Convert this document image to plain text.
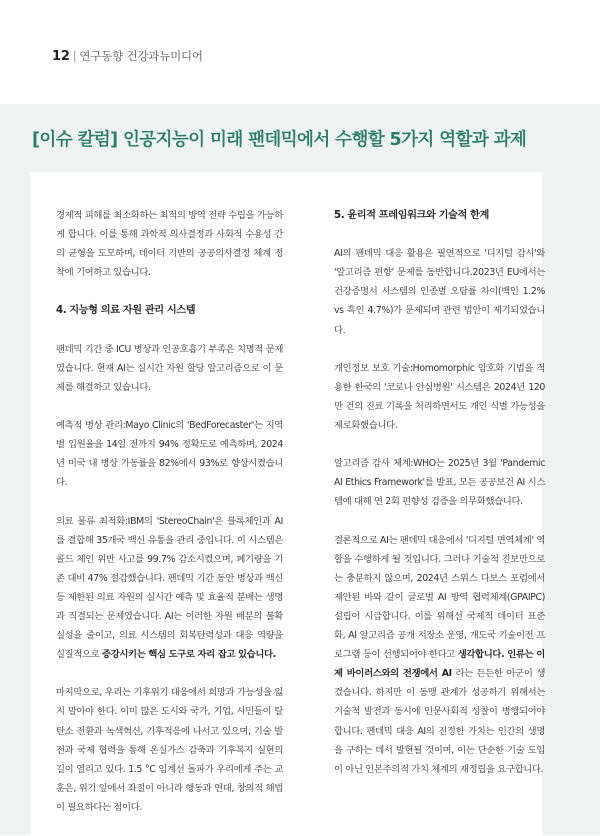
12 | 연구동향 건강과뉴미디어
[이슈 칼럼] 인공지능이 미래 팬데믹에서 수행할 5가지 역할과 과제

경제적 피해를 최소화하는 최적의 방역 전략 수립을 가능하게 합니다. 이를 통해 과학적 의사결정과 사회적 수용성 간의 균형을 도모하며, 데이터 기반의 공공의사결정 체계 정착에 기여하고 있습니다.

4. 지능형 의료 자원 관리 시스템

팬데믹 기간 중 ICU 병상과 인공호흡기 부족은 치명적 문제였습니다. 현재 AI는 실시간 자원 할당 알고리즘으로 이 문제를 해결하고 있습니다.

예측적 병상 관리:Mayo Clinic의 'BedForecaster'는 지역별 입원율을 14일 전까지 94% 정확도로 예측하며, 2024년 미국 내 병상 가동률을 82%에서 93%로 향상시켰습니다.

의료 물류 최적화:IBM의 'StereoChain'은 블록체인과 AI를 결합해 35개국 백신 유통을 관리 중입니다. 이 시스템은 콜드 체인 위반 사고를 99.7% 감소시켰으며, 폐기량을 기존 대비 47% 절감했습니다. 팬데믹 기간 동안 병상과 백신 등 제한된 의료 자원의 실시간 예측 및 효율적 분배는 생명과 직결되는 문제였습니다. AI는 이러한 자원 배분의 불확실성을 줄이고, 의료 시스템의 회복탄력성과 대응 역량을 실질적으로 증강시키는 핵심 도구로 자리 잡고 있습니다.

마지막으로, 우리는 기후위기 대응에서 희망과 가능성을 잃지 말아야 한다. 이미 많은 도시와 국가, 기업, 시민들이 탈탄소 전환과 녹색혁신, 기후적응에 나서고 있으며, 기술 발전과 국제 협력을 통해 온실가스 감축과 기후복지 실현의 길이 열리고 있다. 1.5 °C 임계선 돌파가 우리에게 주는 교훈은, 위기 앞에서 좌절이 아니라 행동과 연대, 창의적 해법이 필요하다는 점이다.

5. 윤리적 프레임워크와 기술적 한계

AI의 팬데믹 대응 활용은 필연적으로 '디지털 감시'와 '알고리즘 편향' 문제를 동반합니다.2023년 EU에서는 건강증명서 시스템의 인종별 오탐률 차이(백인 1.2% vs 흑인 4.7%)가 문제되며 관련 법안이 제기되었습니다.

개인정보 보호 기술:Homomorphic 암호화 기법을 적용한 한국의 '코로나 안심병원' 시스템은 2024년 120만 건의 진료 기록을 처리하면서도 개인 식별 가능성을 제로화했습니다.

알고리즘 감사 체계:WHO는 2025년 3월 'Pandemic AI Ethics Framework'를 발표, 모든 공공보건 AI 시스템에 대해 연 2회 편향성 검증을 의무화했습니다.

결론적으로 AI는 팬데믹 대응에서 '디지털 면역체계' 역할을 수행하게 될 것입니다. 그러나 기술적 진보만으로는 충분하지 않으며, 2024년 스위스 다보스 포럼에서 제안된 바와 같이 글로벌 AI 방역 협력체계(GPAIPC) 설립이 시급합니다. 이를 위해선 국제적 데이터 표준화, AI 알고리즘 공개 저장소 운영, 개도국 기술이전 프로그램 등이 선행되어야 한다고 생각합니다. 인류는 이제 바이러스와의 전쟁에서 AI 라는 든든한 아군이 생겼습니다. 하지만 이 동맹 관계가 성공하기 위해서는 기술적 발전과 동시에 인문사회적 성찰이 병행되어야 합니다. 팬데믹 대응 AI의 진정한 가치는 인간의 생명을 구하는 데서 발현될 것이며, 이는 단순한 기술 도입이 아닌 인본주의적 가치 체계의 재정립을 요구합니다.
